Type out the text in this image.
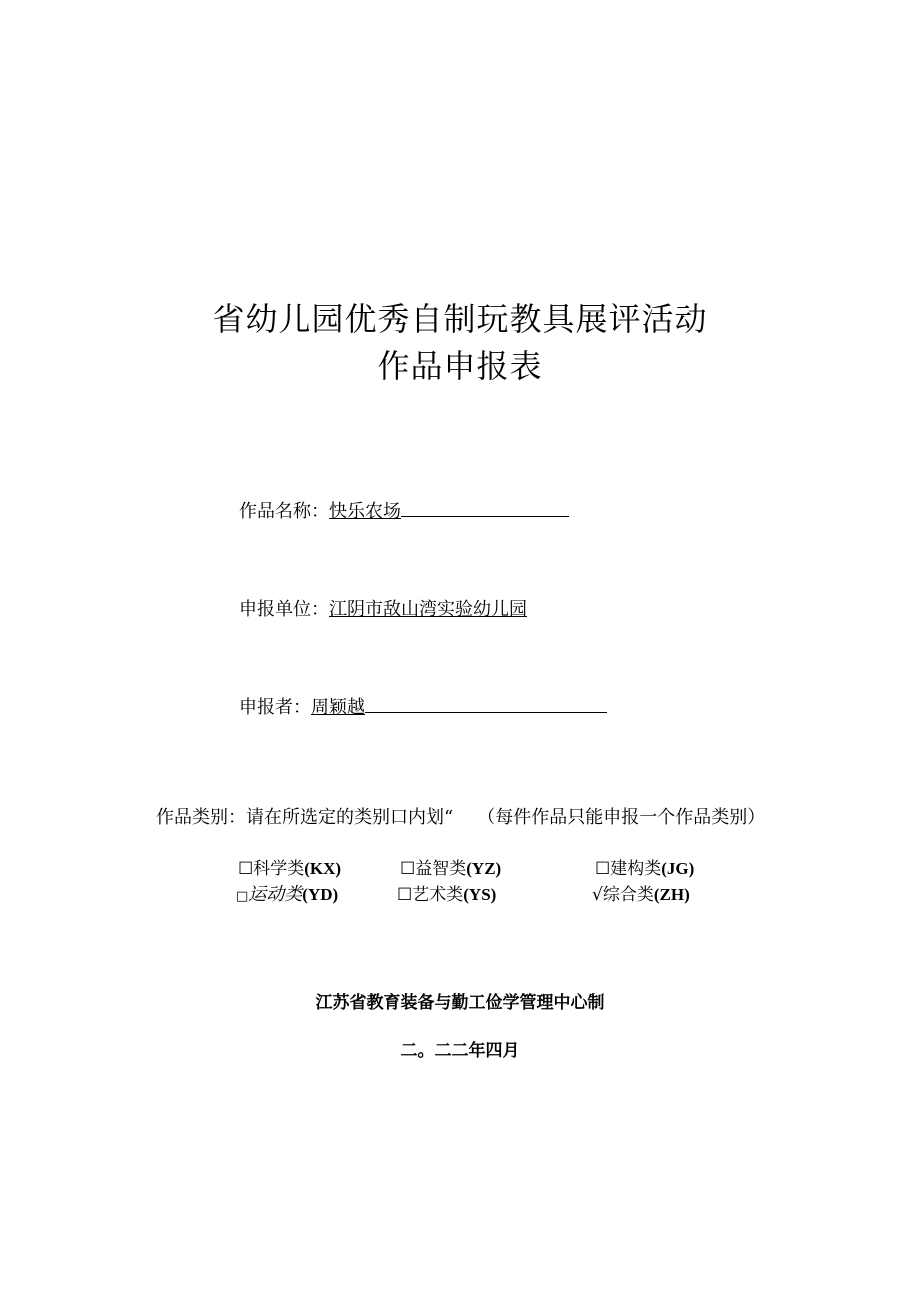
省幼儿园优秀自制玩教具展评活动
作品申报表
作品名称：快乐农场
申报单位：江阴市敌山湾实验幼儿园
申报者：周颖越
作品类别：请在所选定的类别口内划“ （每件作品只能申报一个作品类别）
☐科学类(KX)	☐益智类(YZ)	☐建构类(JG)
□运动类(YD)	☐艺术类(YS)	√综合类(ZH)
江苏省教育装备与勤工俭学管理中心制
二。二二年四月
